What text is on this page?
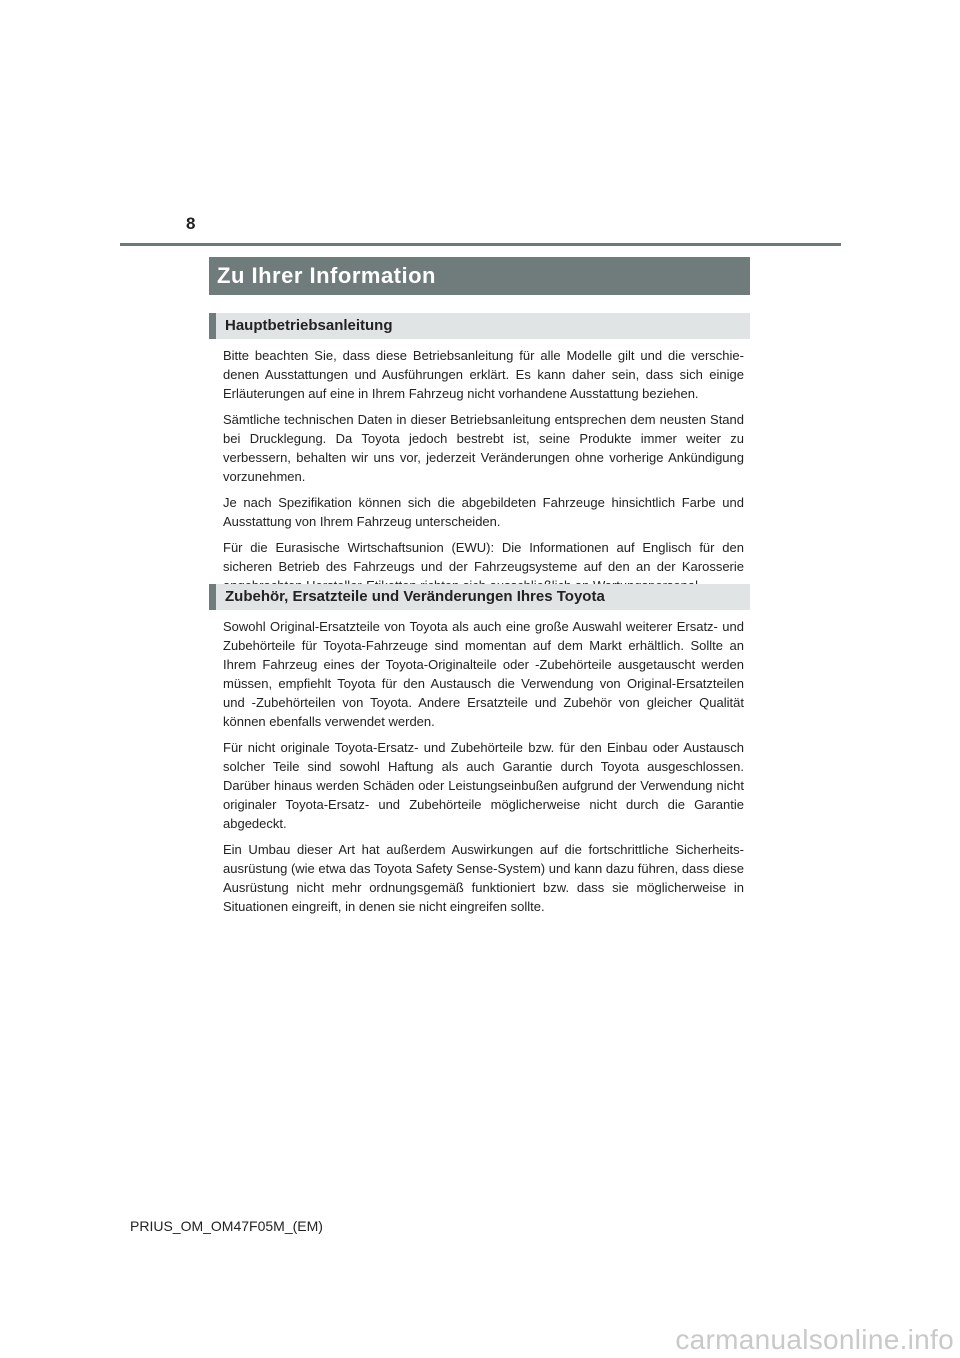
8
Zu Ihrer Information
Hauptbetriebsanleitung

Bitte beachten Sie, dass diese Betriebsanleitung für alle Modelle gilt und die verschiedenen Ausstattungen und Ausführungen erklärt. Es kann daher sein, dass sich einige Erläuterungen auf eine in Ihrem Fahrzeug nicht vorhandene Ausstattung beziehen.

Sämtliche technischen Daten in dieser Betriebsanleitung entsprechen dem neusten Stand bei Drucklegung. Da Toyota jedoch bestrebt ist, seine Produkte immer weiter zu verbessern, behalten wir uns vor, jederzeit Veränderungen ohne vorherige Ankündigung vorzunehmen.

Je nach Spezifikation können sich die abgebildeten Fahrzeuge hinsichtlich Farbe und Ausstattung von Ihrem Fahrzeug unterscheiden.

Für die Eurasische Wirtschaftsunion (EWU): Die Informationen auf Englisch für den sicheren Betrieb des Fahrzeugs und der Fahrzeugsysteme auf den an der Karosserie

Zubehör, Ersatzteile und Veränderungen Ihres Toyota

Sowohl Original-Ersatzteile von Toyota als auch eine große Auswahl weiterer Ersatz- und Zubehörteile für Toyota-Fahrzeuge sind momentan auf dem Markt erhältlich. Sollte an Ihrem Fahrzeug eines der Toyota-Originalteile oder -Zubehörteile ausgetauscht werden müssen, empfiehlt Toyota für den Austausch die Verwendung von Original-Ersatzteilen und -Zubehörteilen von Toyota. Andere Ersatzteile und Zubehör von gleicher Qualität können ebenfalls verwendet werden.

Für nicht originale Toyota-Ersatz- und Zubehörteile bzw. für den Einbau oder Austausch solcher Teile sind sowohl Haftung als auch Garantie durch Toyota ausgeschlossen. Darüber hinaus werden Schäden oder Leistungseinbußen aufgrund der Verwendung nicht originaler Toyota-Ersatz- und Zubehörteile möglicherweise nicht durch die Garantie abgedeckt.

Ein Umbau dieser Art hat außerdem Auswirkungen auf die fortschrittliche Sicherheitsausrüstung (wie etwa das Toyota Safety Sense-System) und kann dazu führen, dass diese Ausrüstung nicht mehr ordnungsgemäß funktioniert bzw. dass sie möglicherweise in Situationen eingreift, in denen sie nicht eingreifen sollte.

PRIUS_OM_OM47F05M_(EM)
carmanualsonline.info
